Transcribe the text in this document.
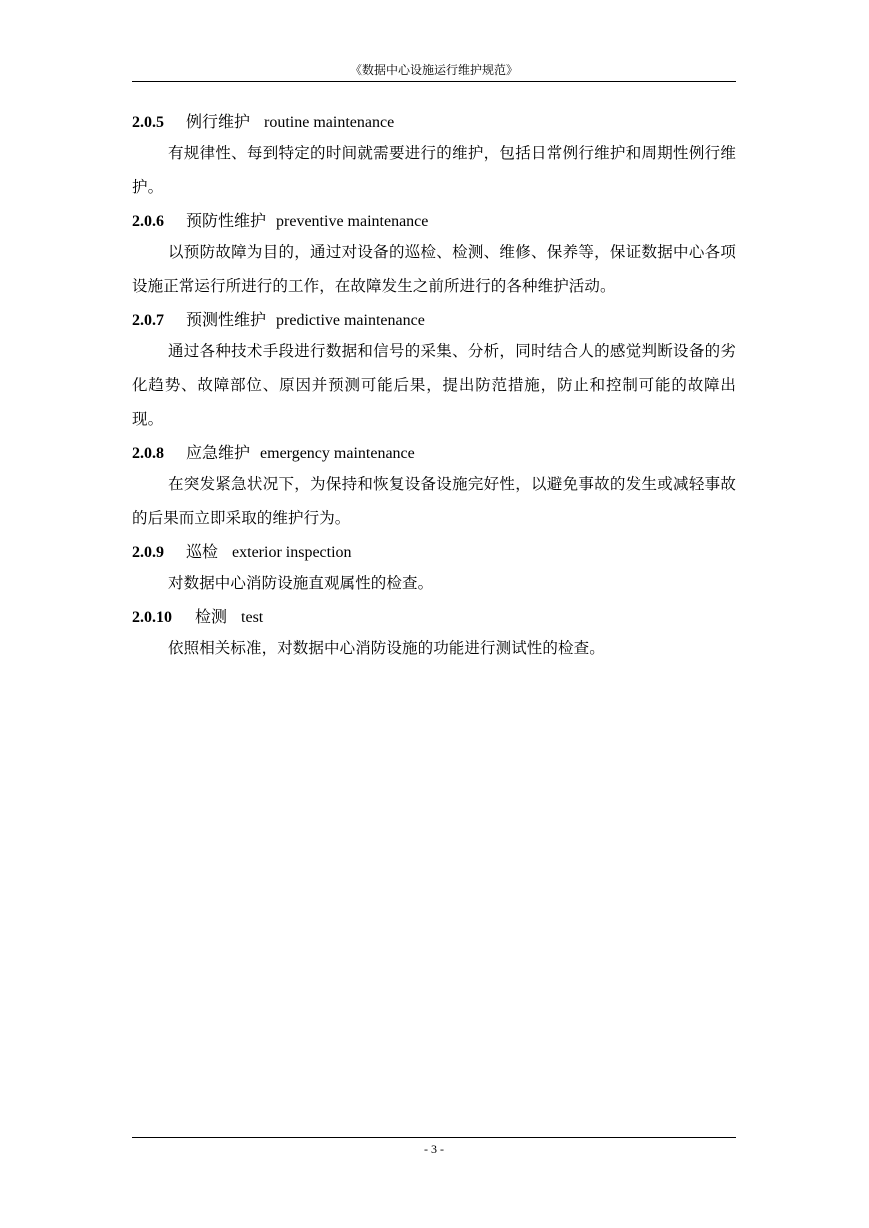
《数据中心设施运行维护规范》

2.0.5 例行维护 routine maintenance

有规律性、每到特定的时间就需要进行的维护，包括日常例行维护和周期性例行维护。

2.0.6 预防性维护 preventive maintenance

以预防故障为目的，通过对设备的巡检、检测、维修、保养等，保证数据中心各项设施正常运行所进行的工作，在故障发生之前所进行的各种维护活动。

2.0.7 预测性维护 predictive maintenance

通过各种技术手段进行数据和信号的采集、分析，同时结合人的感觉判断设备的劣化趋势、故障部位、原因并预测可能后果，提出防范措施，防止和控制可能的故障出现。

2.0.8 应急维护 emergency maintenance

在突发紧急状况下，为保持和恢复设备设施完好性，以避免事故的发生或减轻事故的后果而立即采取的维护行为。

2.0.9 巡检 exterior inspection

对数据中心消防设施直观属性的检查。

2.0.10 检测 test

依照相关标准，对数据中心消防设施的功能进行测试性的检查。

- 3 -
